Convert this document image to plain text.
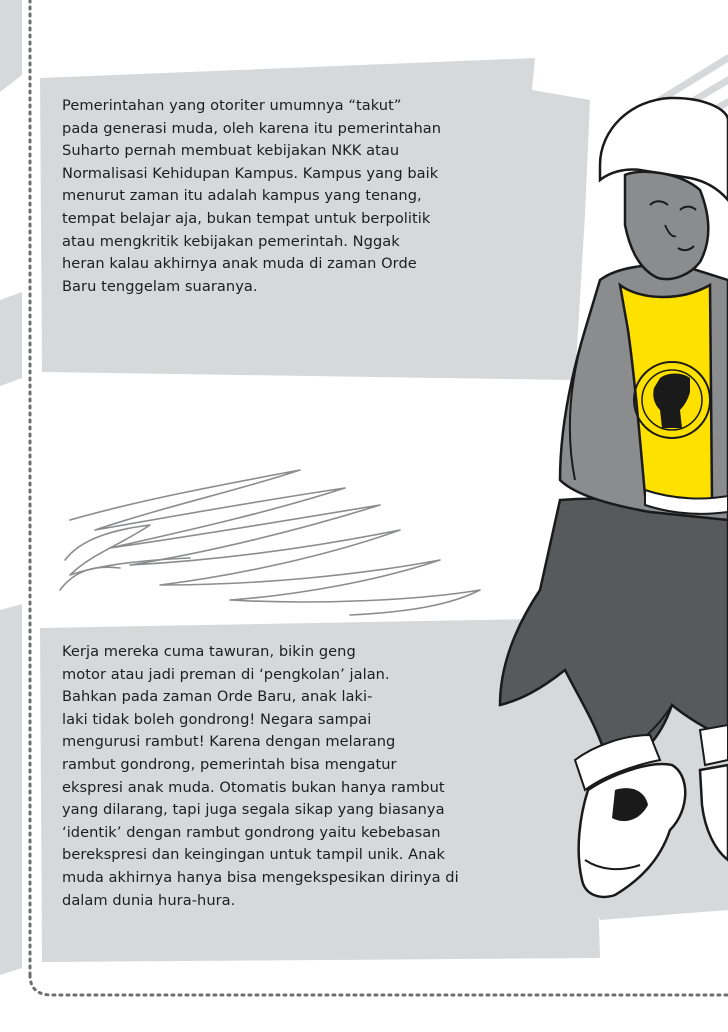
Pemerintahan yang otoriter umumnya “takut”
pada generasi muda, oleh karena itu pemerintahan
Suharto pernah membuat kebijakan NKK atau
Normalisasi Kehidupan Kampus. Kampus yang baik
menurut zaman itu adalah kampus yang tenang,
tempat belajar aja, bukan tempat untuk berpolitik
atau mengkritik kebijakan pemerintah. Nggak
heran kalau akhirnya anak muda di zaman Orde
Baru tenggelam suaranya.

Kerja mereka cuma tawuran, bikin geng
motor atau jadi preman di ‘pengkolan’ jalan.
Bahkan pada zaman Orde Baru, anak laki-
laki tidak boleh gondrong! Negara sampai
mengurusi rambut! Karena dengan melarang
rambut gondrong, pemerintah bisa mengatur
ekspresi anak muda. Otomatis bukan hanya rambut
yang dilarang, tapi juga segala sikap yang biasanya
‘identik’ dengan rambut gondrong yaitu kebebasan
berekspresi dan keingingan untuk tampil unik. Anak
muda akhirnya hanya bisa mengekspesikan dirinya di
dalam dunia hura-hura.
